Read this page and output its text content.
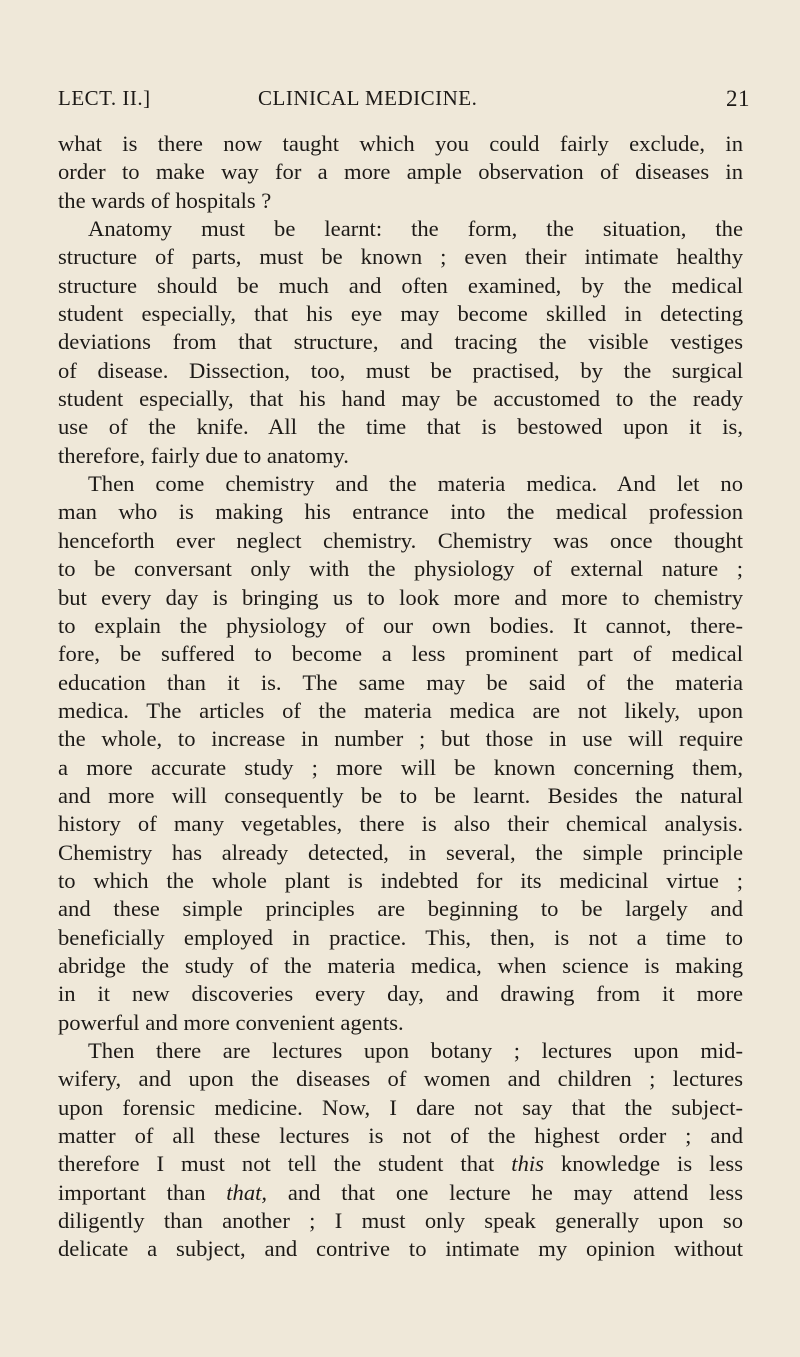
LECT. II.]	CLINICAL MEDICINE.	21
what is there now taught which you could fairly exclude, in
order to make way for a more ample observation of diseases in
the wards of hospitals ?
Anatomy must be learnt: the form, the situation, the
structure of parts, must be known ; even their intimate healthy
structure should be much and often examined, by the medical
student especially, that his eye may become skilled in detecting
deviations from that structure, and tracing the visible vestiges
of disease. Dissection, too, must be practised, by the surgical
student especially, that his hand may be accustomed to the ready
use of the knife. All the time that is bestowed upon it is,
therefore, fairly due to anatomy.
Then come chemistry and the materia medica. And let no
man who is making his entrance into the medical profession
henceforth ever neglect chemistry. Chemistry was once thought
to be conversant only with the physiology of external nature ;
but every day is bringing us to look more and more to chemistry
to explain the physiology of our own bodies. It cannot, there-
fore, be suffered to become a less prominent part of medical
education than it is. The same may be said of the materia
medica. The articles of the materia medica are not likely, upon
the whole, to increase in number ; but those in use will require
a more accurate study ; more will be known concerning them,
and more will consequently be to be learnt. Besides the natural
history of many vegetables, there is also their chemical analysis.
Chemistry has already detected, in several, the simple principle
to which the whole plant is indebted for its medicinal virtue ;
and these simple principles are beginning to be largely and
beneficially employed in practice. This, then, is not a time to
abridge the study of the materia medica, when science is making
in it new discoveries every day, and drawing from it more
powerful and more convenient agents.
Then there are lectures upon botany ; lectures upon mid-
wifery, and upon the diseases of women and children ; lectures
upon forensic medicine. Now, I dare not say that the subject-
matter of all these lectures is not of the highest order ; and
therefore I must not tell the student that this knowledge is less
important than that, and that one lecture he may attend less
diligently than another ; I must only speak generally upon so
delicate a subject, and contrive to intimate my opinion without
